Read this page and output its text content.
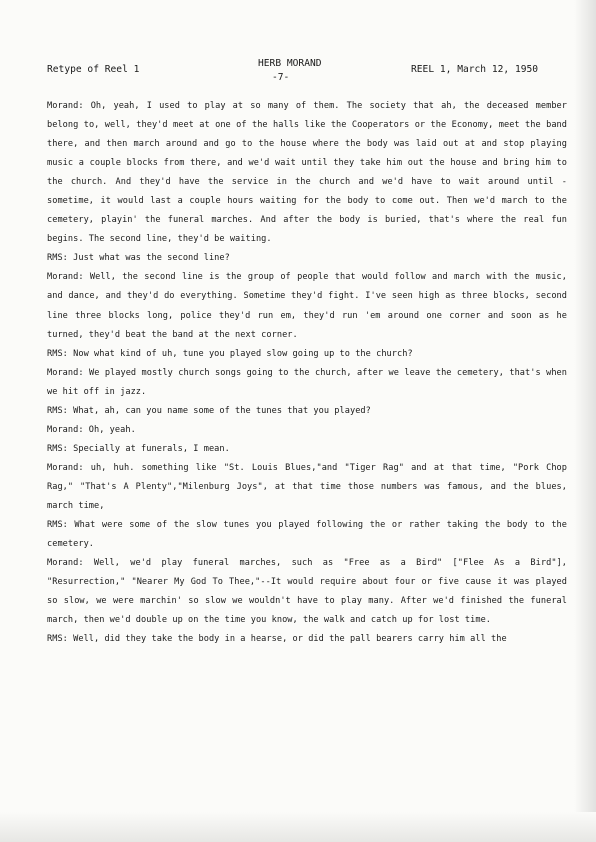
Retype of Reel 1
HERB MORAND
-7-
REEL 1, March 12, 1950

Morand: Oh, yeah, I used to play at so many of them. The society that ah, the deceased member belong to, well, they'd meet at one of the halls like the Cooperators or the Economy, meet the band there, and then march around and go to the house where the body was laid out at and stop playing music a couple blocks from there, and we'd wait until they take him out the house and bring him to the church. And they'd have the service in the church and we'd have to wait around until - sometime, it would last a couple hours waiting for the body to come out. Then we'd march to the cemetery, playin' the funeral marches. And after the body is buried, that's where the real fun begins. The second line, they'd be waiting.

RMS: Just what was the second line?

Morand: Well, the second line is the group of people that would follow and march with the music, and dance, and they'd do everything. Sometime they'd fight. I've seen high as three blocks, second line three blocks long, police they'd run em, they'd run 'em around one corner and soon as he turned, they'd beat the band at the next corner.

RMS: Now what kind of uh, tune you played slow going up to the church?

Morand: We played mostly church songs going to the church, after we leave the cemetery, that's when we hit off in jazz.

RMS: What, ah, can you name some of the tunes that you played?

Morand: Oh, yeah.

RMS: Specially at funerals, I mean.

Morand: uh, huh. something like "St. Louis Blues,"and "Tiger Rag" and at that time, "Pork Chop Rag," "That's A Plenty","Milenburg Joys", at that time those numbers was famous, and the blues, march time,

RMS: What were some of the slow tunes you played following the or rather taking the body to the cemetery.

Morand: Well, we'd play funeral marches, such as "Free as a Bird" ["Flee As a Bird"], "Resurrection," "Nearer My God To Thee,"--It would require about four or five cause it was played so slow, we were marchin' so slow we wouldn't have to play many. After we'd finished the funeral march, then we'd double up on the time you know, the walk and catch up for lost time.

RMS: Well, did they take the body in a hearse, or did the pall bearers carry him all the
